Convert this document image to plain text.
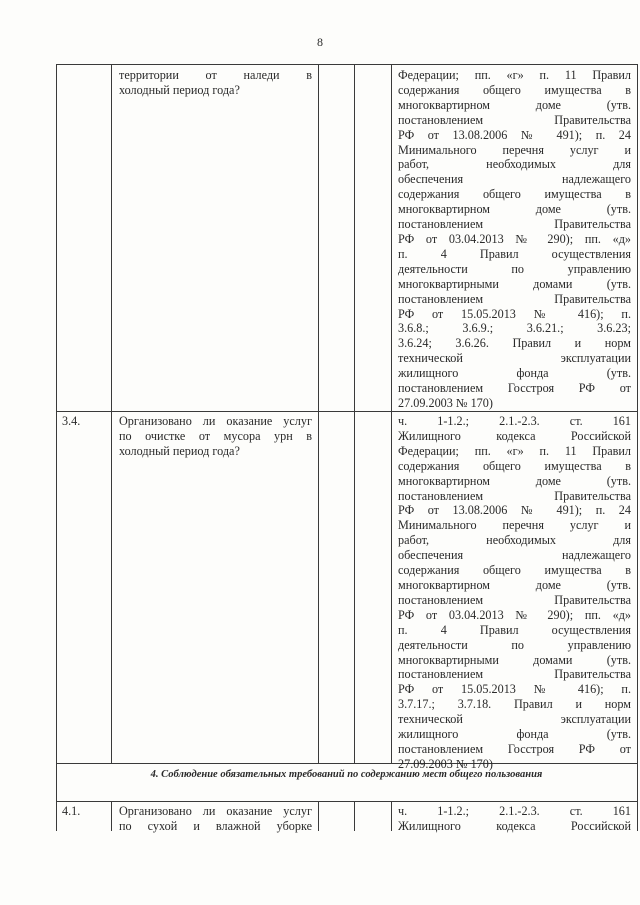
8
территории от наледи в
холодный период года?
Федерации; пп. «г» п. 11 Правил
содержания общего имущества в
многоквартирном доме (утв.
постановлением Правительства
РФ от 13.08.2006 № 491); п. 24
Минимального перечня услуг и
работ, необходимых для
обеспечения надлежащего
содержания общего имущества в
многоквартирном доме (утв.
постановлением Правительства
РФ от 03.04.2013 № 290); пп. «д»
п. 4 Правил осуществления
деятельности по управлению
многоквартирными домами (утв.
постановлением Правительства
РФ от 15.05.2013 № 416); п.
3.6.8.; 3.6.9.; 3.6.21.; 3.6.23;
3.6.24; 3.6.26. Правил и норм
технической эксплуатации
жилищного фонда (утв.
постановлением Госстроя РФ от
27.09.2003 № 170)
3.4.	Организовано ли оказание услуг
по очистке от мусора урн в
холодный период года?
ч. 1-1.2.; 2.1.-2.3. ст. 161
Жилищного кодекса Российской
Федерации; пп. «г» п. 11 Правил
содержания общего имущества в
многоквартирном доме (утв.
постановлением Правительства
РФ от 13.08.2006 № 491); п. 24
Минимального перечня услуг и
работ, необходимых для
обеспечения надлежащего
содержания общего имущества в
многоквартирном доме (утв.
постановлением Правительства
РФ от 03.04.2013 № 290); пп. «д»
п. 4 Правил осуществления
деятельности по управлению
многоквартирными домами (утв.
постановлением Правительства
РФ от 15.05.2013 № 416); п.
3.7.17.; 3.7.18. Правил и норм
технической эксплуатации
жилищного фонда (утв.
постановлением Госстроя РФ от
27.09.2003 № 170)
4. Соблюдение обязательных требований по содержанию мест общего пользования
4.1.	Организовано ли оказание услуг
по сухой и влажной уборке
ч. 1-1.2.; 2.1.-2.3. ст. 161
Жилищного кодекса Российской
